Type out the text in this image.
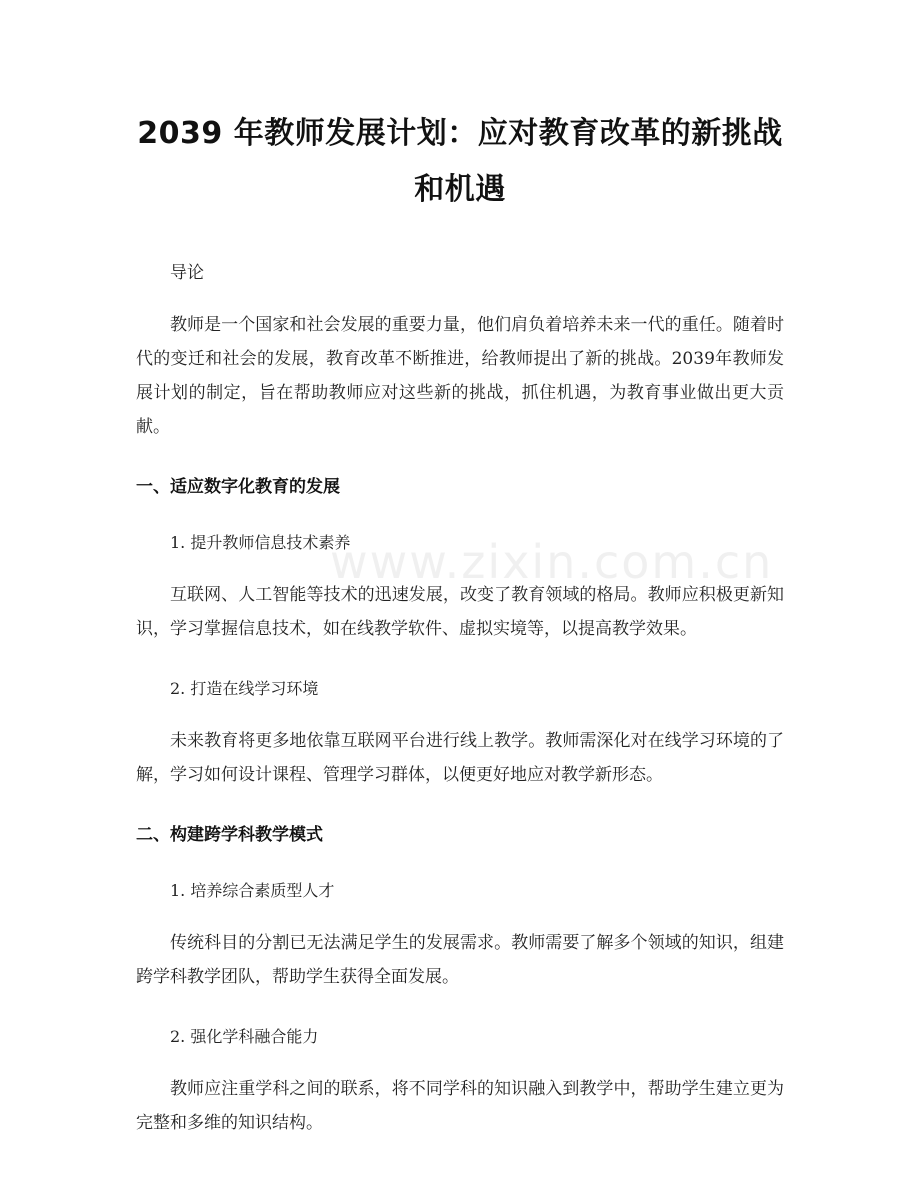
2039 年教师发展计划：应对教育改革的新挑战和机遇

导论

教师是一个国家和社会发展的重要力量，他们肩负着培养未来一代的重任。随着时代的变迁和社会的发展，教育改革不断推进，给教师提出了新的挑战。2039年教师发展计划的制定，旨在帮助教师应对这些新的挑战，抓住机遇，为教育事业做出更大贡献。

一、适应数字化教育的发展

1. 提升教师信息技术素养

互联网、人工智能等技术的迅速发展，改变了教育领域的格局。教师应积极更新知识，学习掌握信息技术，如在线教学软件、虚拟实境等，以提高教学效果。

2. 打造在线学习环境

未来教育将更多地依靠互联网平台进行线上教学。教师需深化对在线学习环境的了解，学习如何设计课程、管理学习群体，以便更好地应对教学新形态。

二、构建跨学科教学模式

1. 培养综合素质型人才

传统科目的分割已无法满足学生的发展需求。教师需要了解多个领域的知识，组建跨学科教学团队，帮助学生获得全面发展。

2. 强化学科融合能力

教师应注重学科之间的联系，将不同学科的知识融入到教学中，帮助学生建立更为完整和多维的知识结构。

www.zixin.com.cn
